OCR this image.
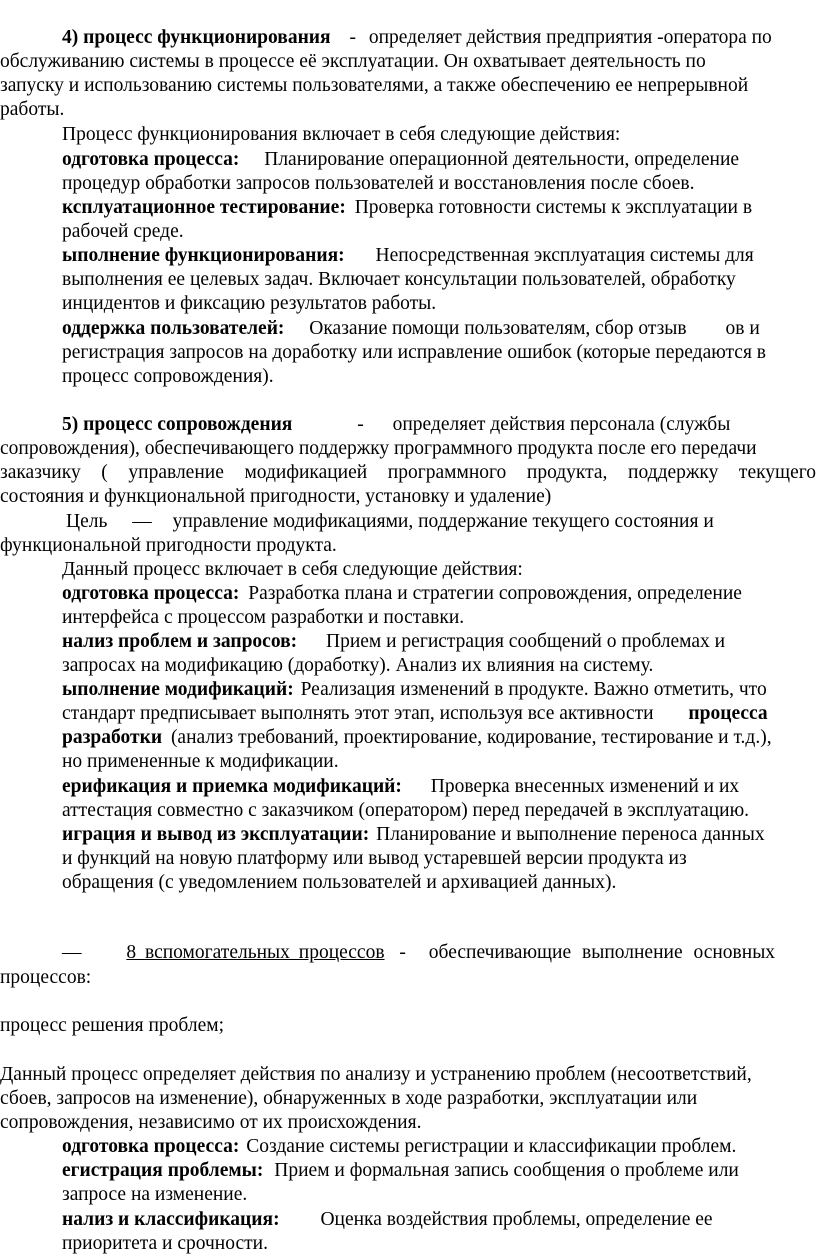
4) процесс функционирования - определяет действия предприятия -оператора по
обслуживанию системы в процессе её эксплуатации. Он охватывает деятельность по
запуску и использованию системы пользователями, а также обеспечению ее непрерывной
работы.
Процесс функционирования включает в себя следующие действия:
одготовка процесса: Планирование операционной деятельности, определение
процедур обработки запросов пользователей и восстановления после сбоев.
ксплуатационное тестирование: Проверка готовности системы к эксплуатации в
рабочей среде.
ыполнение функционирования: Непосредственная эксплуатация системы для
выполнения ее целевых задач. Включает консультации пользователей, обработку
инцидентов и фиксацию результатов работы.
оддержка пользователей: Оказание помощи пользователям, сбор отзыв ов и
регистрация запросов на доработку или исправление ошибок (которые передаются в
процесс сопровождения).
5) процесс сопровождения	- определяет действия персонала (службы
сопровождения), обеспечивающего поддержку программного продукта после его передачи
заказчику ( управление модификацией программного продукта, поддержку текущего
состояния и функциональной пригодности, установку и удаление)
Цель — управление модификациями, поддержание текущего состояния и
функциональной пригодности продукта.
Данный процесс включает в себя следующие действия:
одготовка процесса: Разработка плана и стратегии сопровождения, определение
интерфейса с процессом разработки и поставки.
нализ проблем и запросов: Прием и регистрация сообщений о проблемах и
запросах на модификацию (доработку). Анализ их влияния на систему.
ыполнение модификаций: Реализация изменений в продукте. Важно отметить, что
стандарт предписывает выполнять этот этап, используя все активности процесса
разработки (анализ требований, проектирование, кодирование, тестирование и т.д.),
но примененные к модификации.
ерификация и приемка модификаций: Проверка внесенных изменений и их
аттестация совместно с заказчиком (оператором) перед передачей в эксплуатацию.
играция и вывод из эксплуатации: Планирование и выполнение переноса данных
и функций на новую платформу или вывод устаревшей версии продукта из
обращения (с уведомлением пользователей и архивацией данных).
— 8 вспомогательных процессов - обеспечивающие выполнение основных
процессов:
процесс решения проблем;
Данный процесс определяет действия по анализу и устранению проблем (несоответствий,
сбоев, запросов на изменение), обнаруженных в ходе разработки, эксплуатации или
сопровождения, независимо от их происхождения.
одготовка процесса: Создание системы регистрации и классификации проблем.
егистрация проблемы: Прием и формальная запись сообщения о проблеме или
запросе на изменение.
нализ и классификация: Оценка воздействия проблемы, определение ее
приоритета и срочности.
